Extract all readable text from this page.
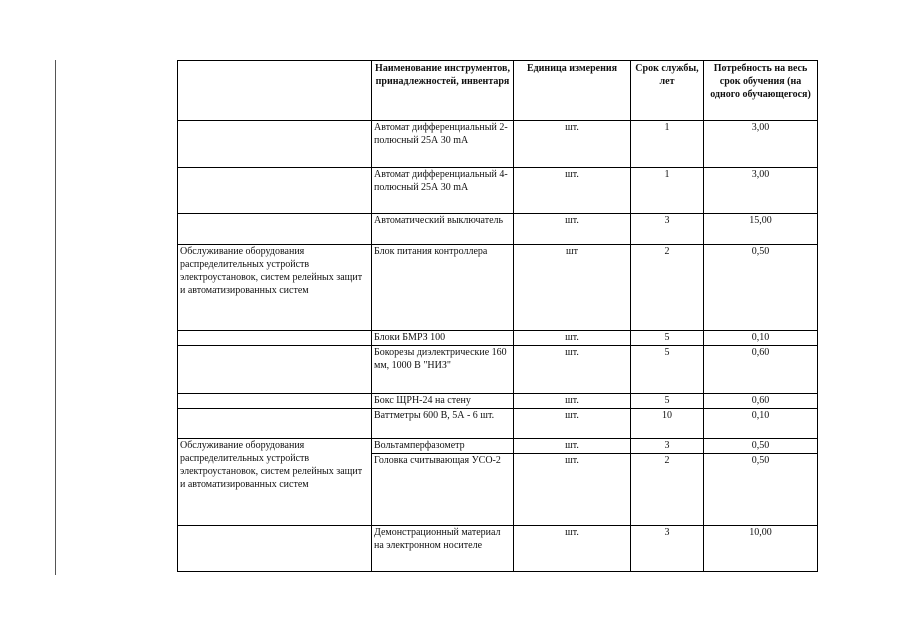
	Наименование инструментов, принадлежностей, инвентаря	Единица измерения	Срок службы, лет	Потребность на весь срок обучения (на одного обучающегося)
	Автомат дифференциальный 2-полюсный 25А 30 mA	шт.	1	3,00
	Автомат дифференциальный 4-полюсный 25А 30 mA	шт.	1	3,00
	Автоматический выключатель	шт.	3	15,00
Обслуживание оборудования распределительных устройств электроустановок, систем релейных защит и автоматизированных систем	Блок питания контроллера	шт	2	0,50
	Блоки БМРЗ 100	шт.	5	0,10
	Бокорезы диэлектрические 160 мм, 1000 В "НИЗ"	шт.	5	0,60
	Бокс ЩРН-24 на стену	шт.	5	0,60
	Ваттметры 600 В, 5А - 6 шт.	шт.	10	0,10
Обслуживание оборудования распределительных устройств электроустановок, систем релейных защит и автоматизированных систем	Вольтамперфазометр	шт.	3	0,50
	Головка считывающая УСО-2	шт.	2	0,50
	Демонстрационный материал на электронном носителе	шт.	3	10,00
